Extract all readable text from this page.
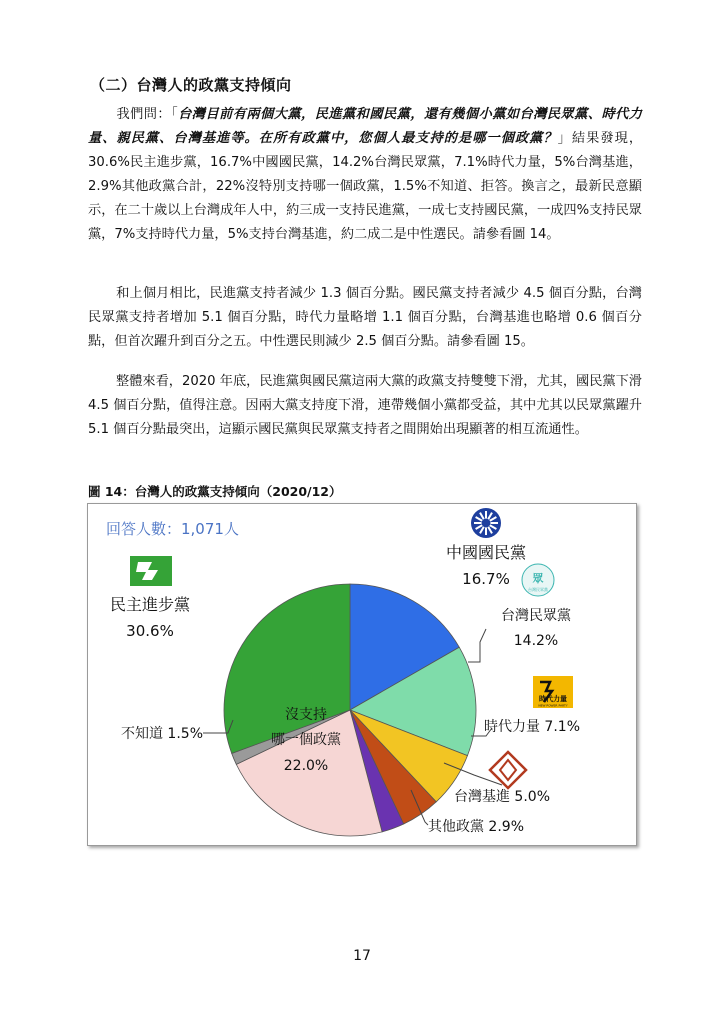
（二）台灣人的政黨支持傾向

我們問：「台灣目前有兩個大黨，民進黨和國民黨，還有幾個小黨如台灣民眾黨、時代力量、親民黨、台灣基進等。在所有政黨中，您個人最支持的是哪一個政黨？」結果發現，30.6%民主進步黨，16.7%中國國民黨，14.2%台灣民眾黨，7.1%時代力量，5%台灣基進，2.9%其他政黨合計，22%沒特別支持哪一個政黨，1.5%不知道、拒答。換言之，最新民意顯示，在二十歲以上台灣成年人中，約三成一支持民進黨，一成七支持國民黨，一成四%支持民眾黨，7%支持時代力量，5%支持台灣基進，約二成二是中性選民。請參看圖 14。

和上個月相比，民進黨支持者減少 1.3 個百分點。國民黨支持者減少 4.5 個百分點，台灣民眾黨支持者增加 5.1 個百分點，時代力量略增 1.1 個百分點，台灣基進也略增 0.6 個百分點，但首次躍升到百分之五。中性選民則減少 2.5 個百分點。請參看圖 15。

整體來看，2020 年底，民進黨與國民黨這兩大黨的政黨支持雙雙下滑，尤其，國民黨下滑 4.5 個百分點，值得注意。因兩大黨支持度下滑，連帶幾個小黨都受益，其中尤其以民眾黨躍升 5.1 個百分點最突出，這顯示國民黨與民眾黨支持者之間開始出現顯著的相互流通性。

圖 14：台灣人的政黨支持傾向（2020/12）
回答人數：1,071人
中國國民黨
16.7%
台灣民眾黨
14.2%
時代力量 7.1%
台灣基進 5.0%
其他政黨 2.9%
沒支持
哪一個政黨
22.0%
不知道 1.5%
民主進步黨
30.6%
眾
台灣民眾黨
時代力量
NEW POWER PARTY
17
